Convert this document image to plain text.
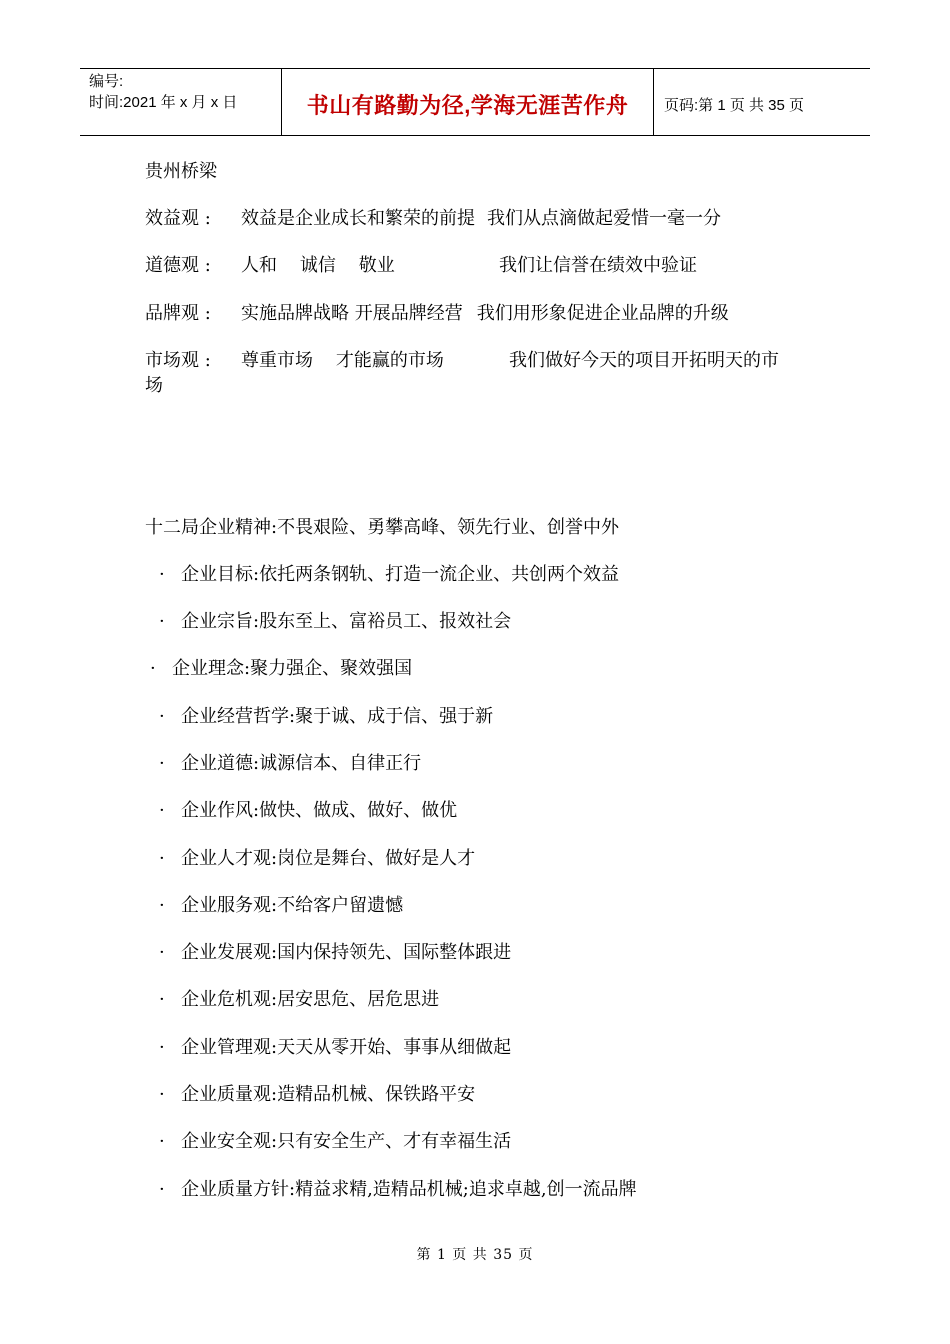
编号:
时间:2021 年 x 月 x 日	书山有路勤为径,学海无涯苦作舟	页码:第 1 页 共 35 页
贵州桥梁
效益观 : 效益是企业成长和繁荣的前提 我们从点滴做起爱惜一毫一分
道德观 : 人和    诚信    敬业	我们让信誉在绩效中验证
品牌观 : 实施品牌战略 开展品牌经营 我们用形象促进企业品牌的升级
市场观 : 尊重市场    才能赢的市场	我们做好今天的项目开拓明天的市
场
十二局企业精神:不畏艰险、勇攀高峰、领先行业、创誉中外
· 企业目标:依托两条钢轨、打造一流企业、共创两个效益
· 企业宗旨:股东至上、富裕员工、报效社会
· 企业理念:聚力强企、聚效强国
· 企业经营哲学:聚于诚、成于信、强于新
· 企业道德:诚源信本、自律正行
· 企业作风:做快、做成、做好、做优
· 企业人才观:岗位是舞台、做好是人才
· 企业服务观:不给客户留遗憾
· 企业发展观:国内保持领先、国际整体跟进
· 企业危机观:居安思危、居危思进
· 企业管理观:天天从零开始、事事从细做起
· 企业质量观:造精品机械、保铁路平安
· 企业安全观:只有安全生产、才有幸福生活
· 企业质量方针:精益求精,造精品机械;追求卓越,创一流品牌
第 1 页 共 35 页
